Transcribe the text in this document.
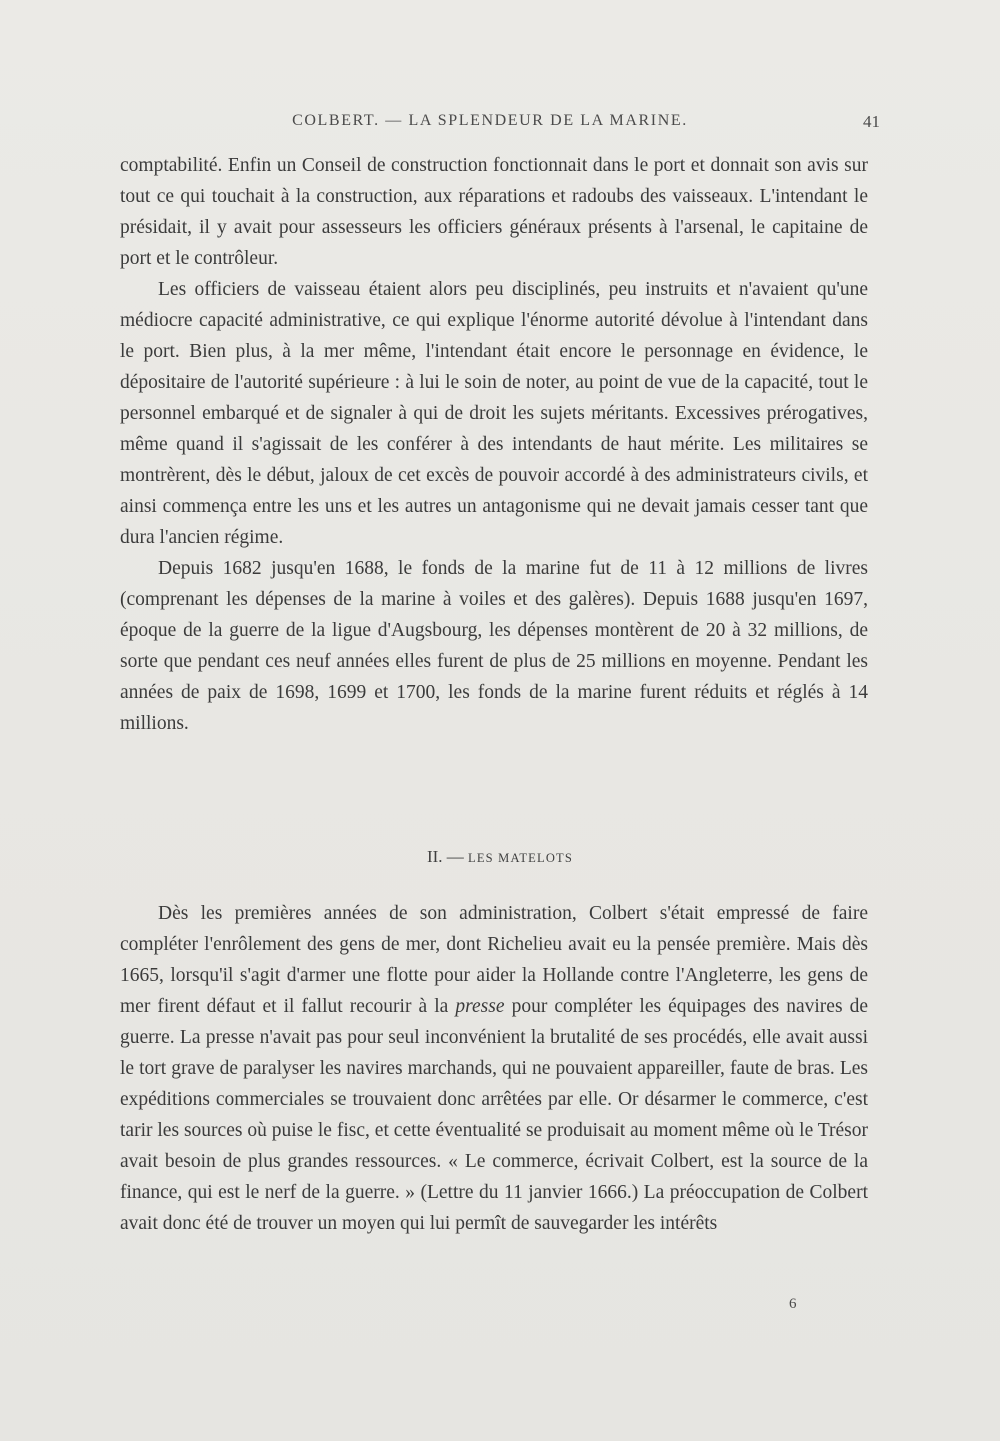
COLBERT. — LA SPLENDEUR DE LA MARINE.	41

comptabilité. Enfin un Conseil de construction fonctionnait dans le port et donnait son avis sur tout ce qui touchait à la construction, aux réparations et radoubs des vaisseaux. L'intendant le présidait, il y avait pour assesseurs les officiers généraux présents à l'arsenal, le capitaine de port et le contrôleur.

Les officiers de vaisseau étaient alors peu disciplinés, peu instruits et n'avaient qu'une médiocre capacité administrative, ce qui explique l'énorme autorité dévolue à l'intendant dans le port. Bien plus, à la mer même, l'intendant était encore le personnage en évidence, le dépositaire de l'autorité supérieure : à lui le soin de noter, au point de vue de la capacité, tout le personnel embarqué et de signaler à qui de droit les sujets méritants. Excessives prérogatives, même quand il s'agissait de les conférer à des intendants de haut mérite. Les militaires se montrèrent, dès le début, jaloux de cet excès de pouvoir accordé à des administrateurs civils, et ainsi commença entre les uns et les autres un antagonisme qui ne devait jamais cesser tant que dura l'ancien régime.

Depuis 1682 jusqu'en 1688, le fonds de la marine fut de 11 à 12 millions de livres (comprenant les dépenses de la marine à voiles et des galères). Depuis 1688 jusqu'en 1697, époque de la guerre de la ligue d'Augsbourg, les dépenses montèrent de 20 à 32 millions, de sorte que pendant ces neuf années elles furent de plus de 25 millions en moyenne. Pendant les années de paix de 1698, 1699 et 1700, les fonds de la marine furent réduits et réglés à 14 millions.

II. — LES MATELOTS

Dès les premières années de son administration, Colbert s'était empressé de faire compléter l'enrôlement des gens de mer, dont Richelieu avait eu la pensée première. Mais dès 1665, lorsqu'il s'agit d'armer une flotte pour aider la Hollande contre l'Angleterre, les gens de mer firent défaut et il fallut recourir à la presse pour compléter les équipages des navires de guerre. La presse n'avait pas pour seul inconvénient la brutalité de ses procédés, elle avait aussi le tort grave de paralyser les navires marchands, qui ne pouvaient appareiller, faute de bras. Les expéditions commerciales se trouvaient donc arrêtées par elle. Or désarmer le commerce, c'est tarir les sources où puise le fisc, et cette éventualité se produisait au moment même où le Trésor avait besoin de plus grandes ressources. « Le commerce, écrivait Colbert, est la source de la finance, qui est le nerf de la guerre. » (Lettre du 11 janvier 1666.) La préoccupation de Colbert avait donc été de trouver un moyen qui lui permît de sauvegarder les intérêts

6
